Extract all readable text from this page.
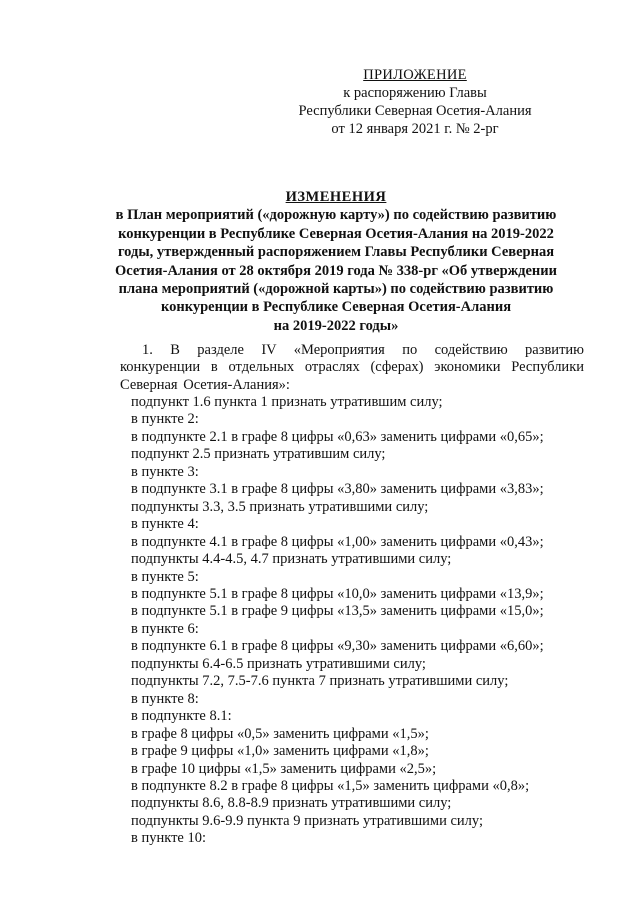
ПРИЛОЖЕНИЕ
к распоряжению Главы
Республики Северная Осетия-Алания
от 12 января 2021 г. № 2-рг
ИЗМЕНЕНИЯ
в План мероприятий («дорожную карту») по содействию развитию
конкуренции в Республике Северная Осетия-Алания на 2019-2022
годы, утвержденный распоряжением Главы Республики Северная
Осетия-Алания от 28 октября 2019 года № 338-рг «Об утверждении
плана мероприятий («дорожной карты») по содействию развитию
конкуренции в Республике Северная Осетия-Алания
на 2019-2022 годы»
1. В разделе IV «Мероприятия по содействию развитию конкуренции в отдельных отраслях (сферах) экономики Республики Северная Осетия-Алания»:
подпункт 1.6 пункта 1 признать утратившим силу;
в пункте 2:
в подпункте 2.1 в графе 8 цифры «0,63» заменить цифрами «0,65»;
подпункт 2.5 признать утратившим силу;
в пункте 3:
в подпункте 3.1 в графе 8 цифры «3,80» заменить цифрами «3,83»;
подпункты 3.3, 3.5 признать утратившими силу;
в пункте 4:
в подпункте 4.1 в графе 8 цифры «1,00» заменить цифрами «0,43»;
подпункты 4.4-4.5, 4.7 признать утратившими силу;
в пункте 5:
в подпункте 5.1 в графе 8 цифры «10,0» заменить цифрами «13,9»;
в подпункте 5.1 в графе 9 цифры «13,5» заменить цифрами «15,0»;
в пункте 6:
в подпункте 6.1 в графе 8 цифры «9,30» заменить цифрами «6,60»;
подпункты 6.4-6.5 признать утратившими силу;
подпункты 7.2, 7.5-7.6 пункта 7 признать утратившими силу;
в пункте 8:
в подпункте 8.1:
в графе 8 цифры «0,5» заменить цифрами «1,5»;
в графе 9 цифры «1,0» заменить цифрами «1,8»;
в графе 10 цифры «1,5» заменить цифрами «2,5»;
в подпункте 8.2 в графе 8 цифры «1,5» заменить цифрами «0,8»;
подпункты 8.6, 8.8-8.9 признать утратившими силу;
подпункты 9.6-9.9 пункта 9 признать утратившими силу;
в пункте 10:
